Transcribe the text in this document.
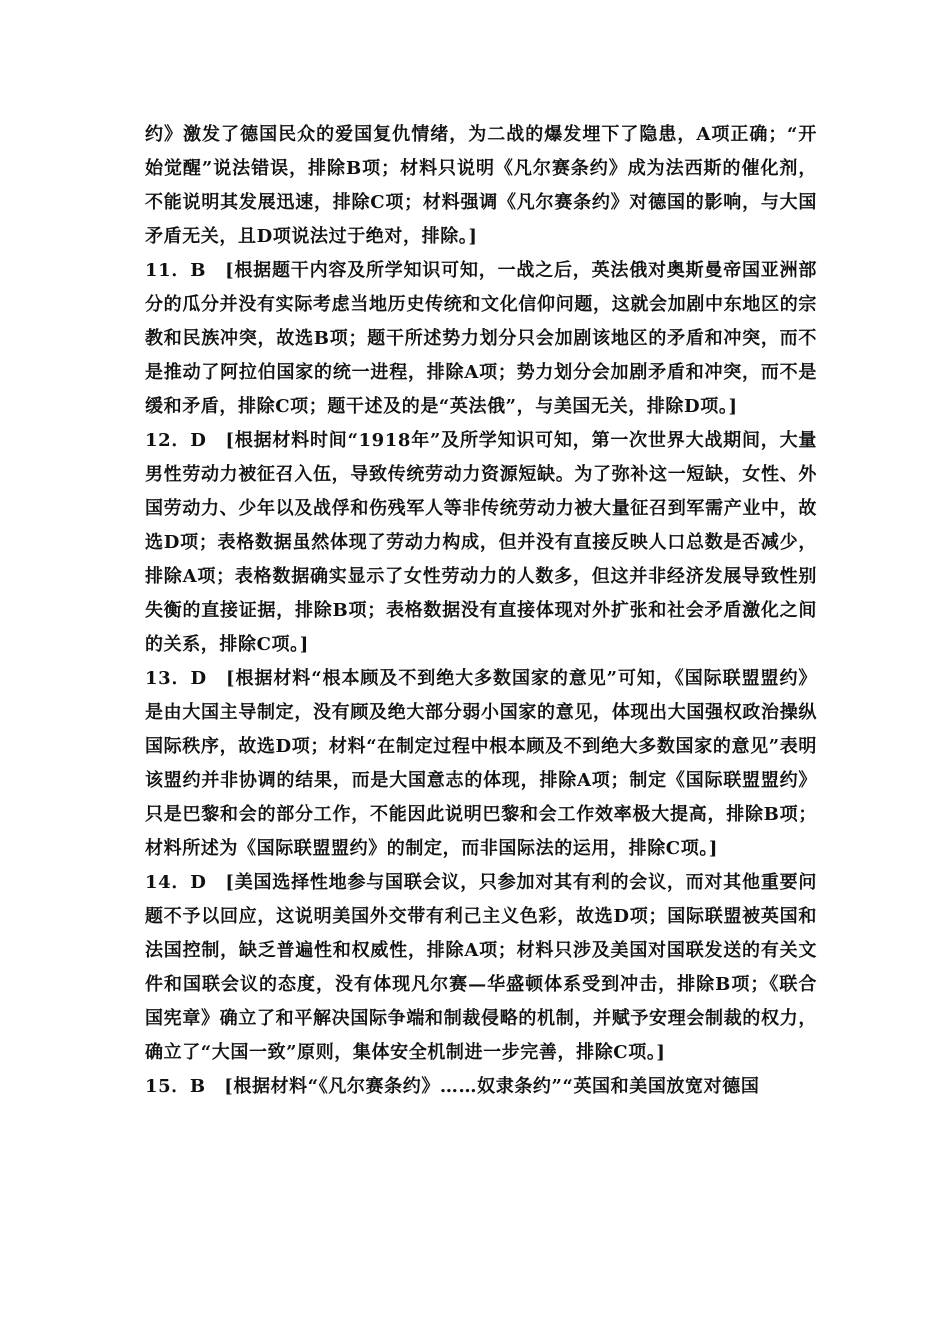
约》激发了德国民众的爱国复仇情绪，为二战的爆发埋下了隐患，A项正确；“开始觉醒”说法错误，排除B项；材料只说明《凡尔赛条约》成为法西斯的催化剂，不能说明其发展迅速，排除C项；材料强调《凡尔赛条约》对德国的影响，与大国矛盾无关，且D项说法过于绝对，排除。]

11．B　[根据题干内容及所学知识可知，一战之后，英法俄对奥斯曼帝国亚洲部分的瓜分并没有实际考虑当地历史传统和文化信仰问题，这就会加剧中东地区的宗教和民族冲突，故选B项；题干所述势力划分只会加剧该地区的矛盾和冲突，而不是推动了阿拉伯国家的统一进程，排除A项；势力划分会加剧矛盾和冲突，而不是缓和矛盾，排除C项；题干述及的是“英法俄”，与美国无关，排除D项。]

12．D　[根据材料时间“1918年”及所学知识可知，第一次世界大战期间，大量男性劳动力被征召入伍，导致传统劳动力资源短缺。为了弥补这一短缺，女性、外国劳动力、少年以及战俘和伤残军人等非传统劳动力被大量征召到军需产业中，故选D项；表格数据虽然体现了劳动力构成，但并没有直接反映人口总数是否减少，排除A项；表格数据确实显示了女性劳动力的人数多，但这并非经济发展导致性别失衡的直接证据，排除B项；表格数据没有直接体现对外扩张和社会矛盾激化之间的关系，排除C项。]

13．D　[根据材料“根本顾及不到绝大多数国家的意见”可知，《国际联盟盟约》是由大国主导制定，没有顾及绝大部分弱小国家的意见，体现出大国强权政治操纵国际秩序，故选D项；材料“在制定过程中根本顾及不到绝大多数国家的意见”表明该盟约并非协调的结果，而是大国意志的体现，排除A项；制定《国际联盟盟约》只是巴黎和会的部分工作，不能因此说明巴黎和会工作效率极大提高，排除B项；材料所述为《国际联盟盟约》的制定，而非国际法的运用，排除C项。]

14．D　[美国选择性地参与国联会议，只参加对其有利的会议，而对其他重要问题不予以回应，这说明美国外交带有利己主义色彩，故选D项；国际联盟被英国和法国控制，缺乏普遍性和权威性，排除A项；材料只涉及美国对国联发送的有关文件和国联会议的态度，没有体现凡尔赛—华盛顿体系受到冲击，排除B项；《联合国宪章》确立了和平解决国际争端和制裁侵略的机制，并赋予安理会制裁的权力，确立了“大国一致”原则，集体安全机制进一步完善，排除C项。]

15．B　[根据材料“《凡尔赛条约》……奴隶条约”“英国和美国放宽对德国
